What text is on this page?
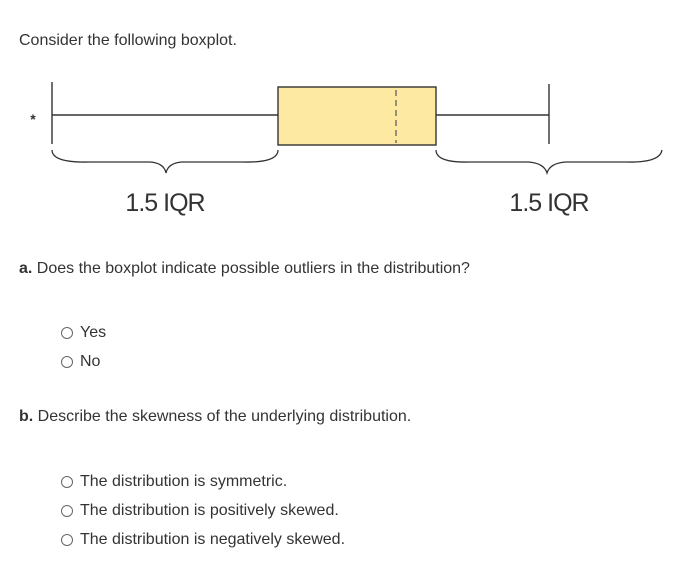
Consider the following boxplot.

*
1.5 IQR	1.5 IQR

a. Does the boxplot indicate possible outliers in the distribution?

Yes
No

b. Describe the skewness of the underlying distribution.

The distribution is symmetric.
The distribution is positively skewed.
The distribution is negatively skewed.
